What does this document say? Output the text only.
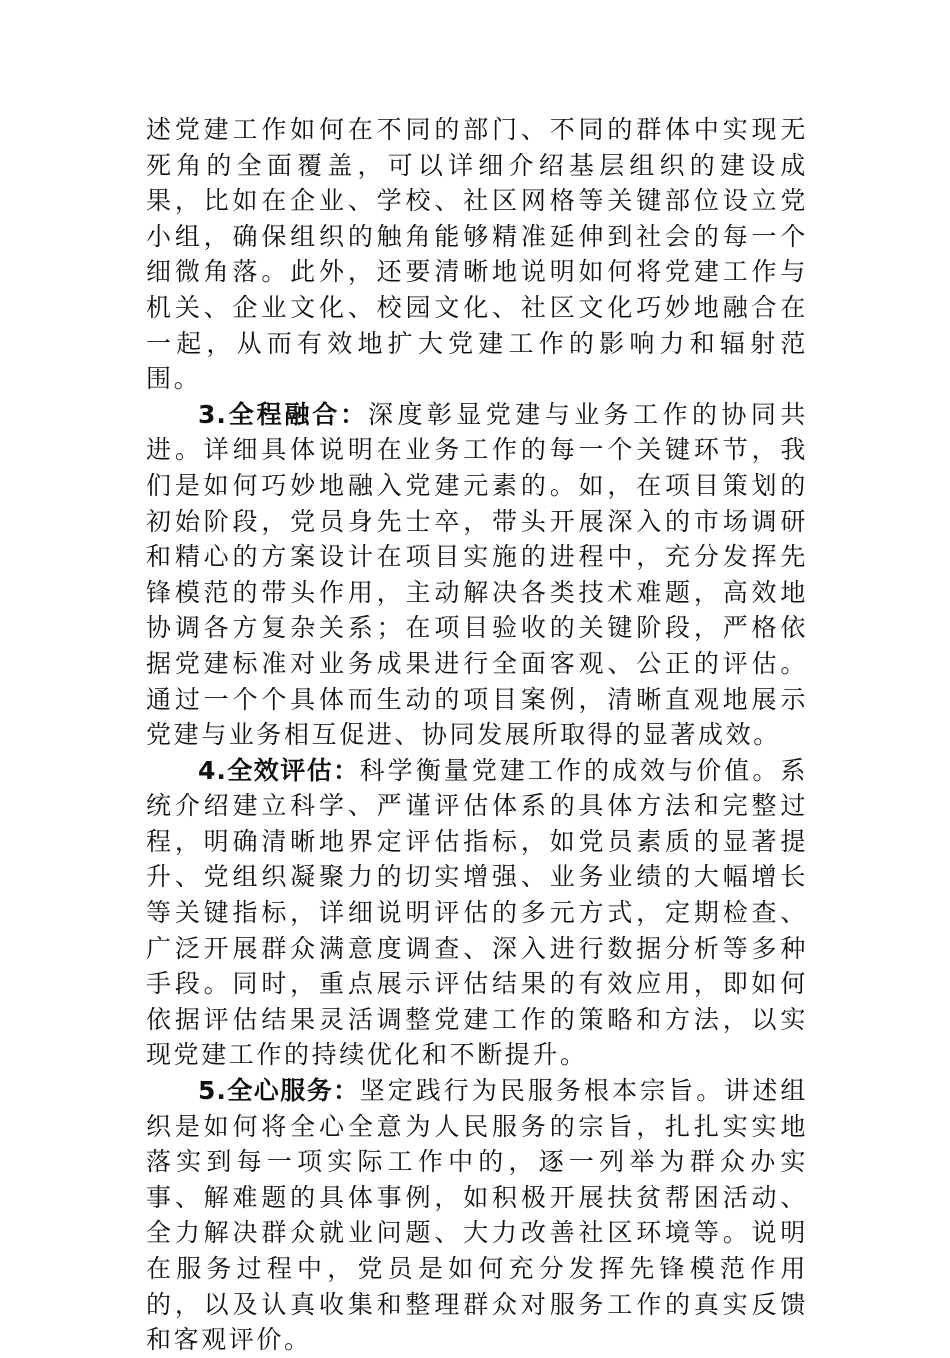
述党建工作如何在不同的部门、不同的群体中实现无死角的全面覆盖，可以详细介绍基层组织的建设成果，比如在企业、学校、社区网格等关键部位设立党小组，确保组织的触角能够精准延伸到社会的每一个细微角落。此外，还要清晰地说明如何将党建工作与机关、企业文化、校园文化、社区文化巧妙地融合在一起，从而有效地扩大党建工作的影响力和辐射范围。

3.全程融合：深度彰显党建与业务工作的协同共进。详细具体说明在业务工作的每一个关键环节，我们是如何巧妙地融入党建元素的。如，在项目策划的初始阶段，党员身先士卒，带头开展深入的市场调研和精心的方案设计在项目实施的进程中，充分发挥先锋模范的带头作用，主动解决各类技术难题，高效地协调各方复杂关系；在项目验收的关键阶段，严格依据党建标准对业务成果进行全面客观、公正的评估。通过一个个具体而生动的项目案例，清晰直观地展示党建与业务相互促进、协同发展所取得的显著成效。

4.全效评估：科学衡量党建工作的成效与价值。系统介绍建立科学、严谨评估体系的具体方法和完整过程，明确清晰地界定评估指标，如党员素质的显著提升、党组织凝聚力的切实增强、业务业绩的大幅增长等关键指标，详细说明评估的多元方式，定期检查、广泛开展群众满意度调查、深入进行数据分析等多种手段。同时，重点展示评估结果的有效应用，即如何依据评估结果灵活调整党建工作的策略和方法，以实现党建工作的持续优化和不断提升。

5.全心服务：坚定践行为民服务根本宗旨。讲述组织是如何将全心全意为人民服务的宗旨，扎扎实实地落实到每一项实际工作中的，逐一列举为群众办实事、解难题的具体事例，如积极开展扶贫帮困活动、全力解决群众就业问题、大力改善社区环境等。说明在服务过程中，党员是如何充分发挥先锋模范作用的，以及认真收集和整理群众对服务工作的真实反馈和客观评价。
